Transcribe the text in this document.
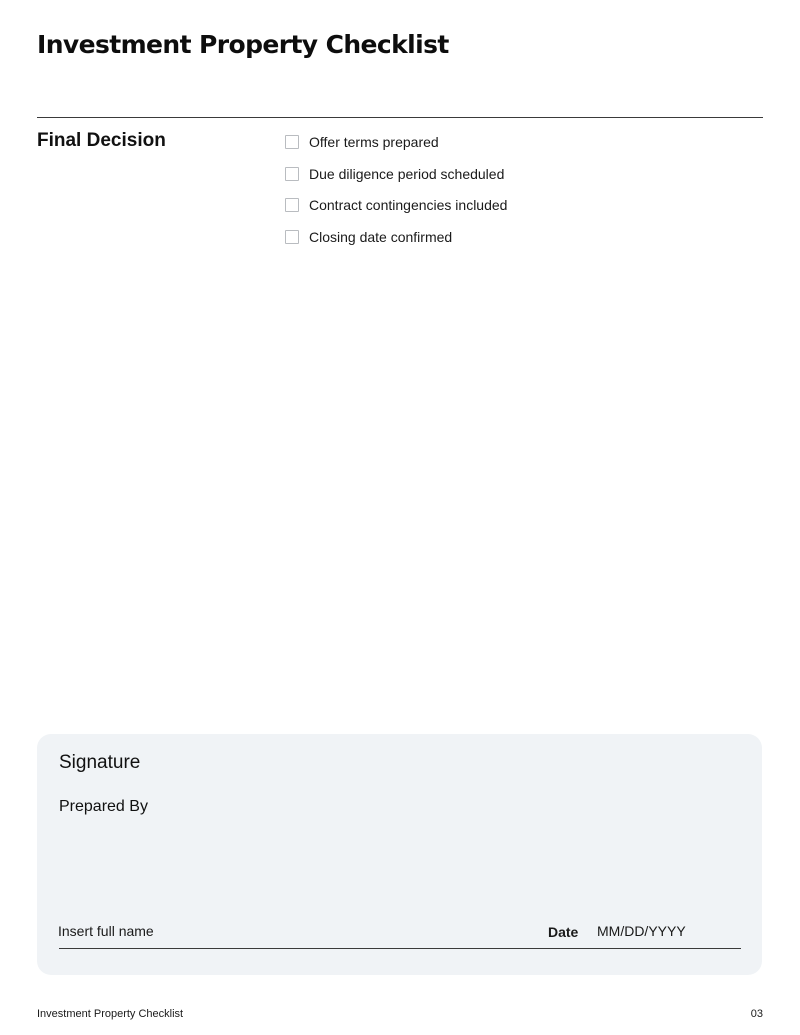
Investment Property Checklist
Final Decision	Offer terms prepared
Due diligence period scheduled
Contract contingencies included
Closing date confirmed
Signature
Prepared By
Insert full name	Date MM/DD/YYYY
Investment Property Checklist	03
